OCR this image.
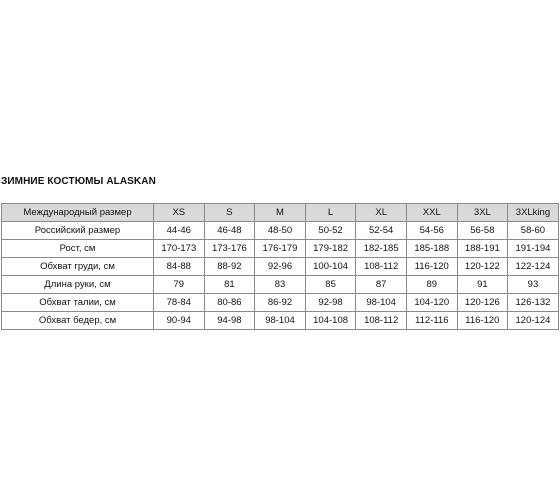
ЗИМНИЕ КОСТЮМЫ ALASKAN
Международный размер	XS	S	M	L	XL	XXL	3XL	3XLking
Российский размер	44-46	46-48	48-50	50-52	52-54	54-56	56-58	58-60
Рост, см	170-173	173-176	176-179	179-182	182-185	185-188	188-191	191-194
Обхват груди, см	84-88	88-92	92-96	100-104	108-112	116-120	120-122	122-124
Длина руки, см	79	81	83	85	87	89	91	93
Обхват талии, см	78-84	80-86	86-92	92-98	98-104	104-120	120-126	126-132
Обхват бедер, см	90-94	94-98	98-104	104-108	108-112	112-116	116-120	120-124
